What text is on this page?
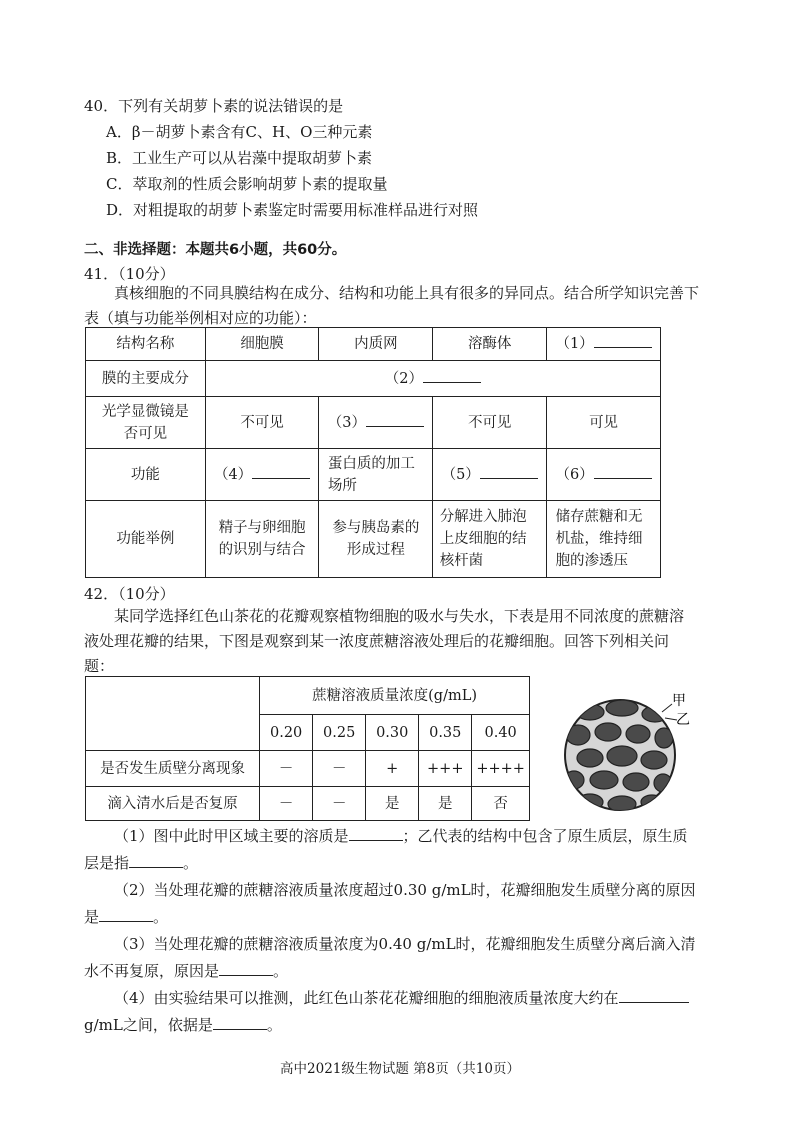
40．下列有关胡萝卜素的说法错误的是
A．β－胡萝卜素含有C、H、O三种元素
B．工业生产可以从岩藻中提取胡萝卜素
C．萃取剂的性质会影响胡萝卜素的提取量
D．对粗提取的胡萝卜素鉴定时需要用标准样品进行对照
二、非选择题：本题共6小题，共60分。
41．（10分）
真核细胞的不同具膜结构在成分、结构和功能上具有很多的异同点。结合所学知识完善下表（填与功能举例相对应的功能）：
结构名称	细胞膜	内质网	溶酶体	（1）
膜的主要成分	（2）			

光学显微镜是否可见	不可见	（3）	不可见	可见
功能	（4）	蛋白质的加工场所	（5）	（6）
功能举例	精子与卵细胞的识别与结合	参与胰岛素的形成过程	分解进入肺泡上皮细胞的结核杆菌	储存蔗糖和无机盐，维持细胞的渗透压
42．（10分）
某同学选择红色山茶花的花瓣观察植物细胞的吸水与失水，下表是用不同浓度的蔗糖溶液处理花瓣的结果，下图是观察到某一浓度蔗糖溶液处理后的花瓣细胞。回答下列相关问题：
	蔗糖溶液质量浓度(g/mL)				
	0.20	0.25	0.30	0.35	0.40
是否发生质壁分离现象	－	－	+	+++	++++
滴入清水后是否复原	－	－	是	是	否
甲
乙
（1）图中此时甲区域主要的溶质是	；乙代表的结构中包含了原生质层，原生质层是指	。
（2）当处理花瓣的蔗糖溶液质量浓度超过0.30 g/mL时，花瓣细胞发生质壁分离的原因是	。
（3）当处理花瓣的蔗糖溶液质量浓度为0.40 g/mL时，花瓣细胞发生质壁分离后滴入清水不再复原，原因是	。
（4）由实验结果可以推测，此红色山茶花花瓣细胞的细胞液质量浓度大约在g/mL之间，依据是	。
高中2021级生物试题 第8页（共10页）
